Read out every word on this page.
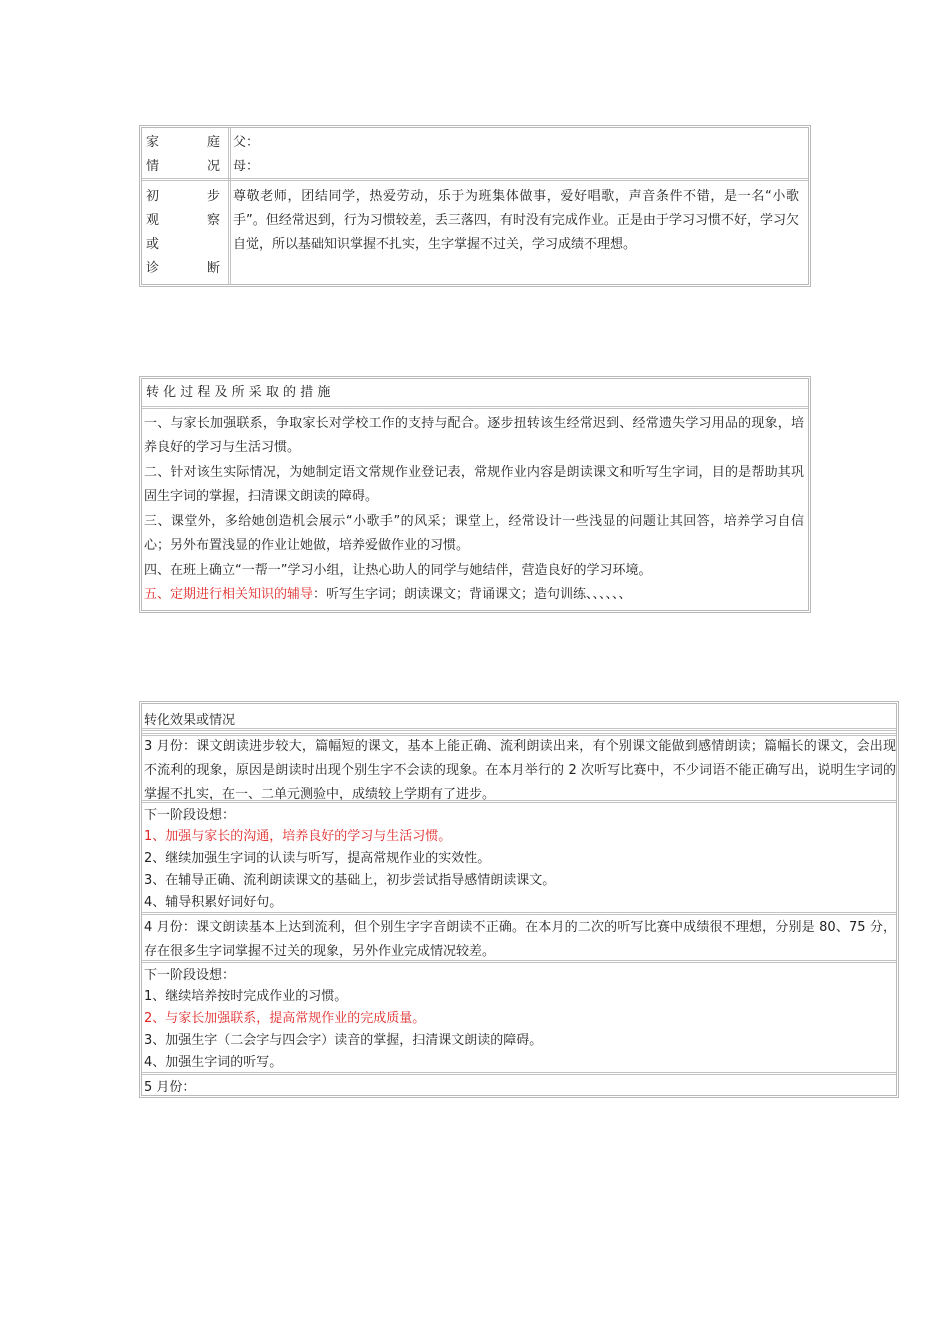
家 庭
情 况
父：
母：
初 步
观 察
或
诊 断
尊敬老师，团结同学，热爱劳动，乐于为班集体做事，爱好唱歌，声音条件不错，是一名“小歌手”。但经常迟到，行为习惯较差，丢三落四，有时没有完成作业。正是由于学习习惯不好，学习欠自觉，所以基础知识掌握不扎实，生字掌握不过关，学习成绩不理想。
转 化 过 程 及 所 采 取 的 措 施
一、与家长加强联系，争取家长对学校工作的支持与配合。逐步扭转该生经常迟到、经常遗失学习用品的现象，培养良好的学习与生活习惯。
二、针对该生实际情况，为她制定语文常规作业登记表，常规作业内容是朗读课文和听写生字词，目的是帮助其巩固生字词的掌握，扫清课文朗读的障碍。
三、课堂外，多给她创造机会展示“小歌手”的风采；课堂上，经常设计一些浅显的问题让其回答，培养学习自信心；另外布置浅显的作业让她做，培养爱做作业的习惯。
四、在班上确立“一帮一”学习小组，让热心助人的同学与她结伴，营造良好的学习环境。
五、定期进行相关知识的辅导：听写生字词；朗读课文；背诵课文；造句训练、、、、、、
转化效果或情况
3 月份：课文朗读进步较大，篇幅短的课文，基本上能正确、流利朗读出来，有个别课文能做到感情朗读；篇幅长的课文，会出现不流利的现象，原因是朗读时出现个别生字不会读的现象。在本月举行的 2 次听写比赛中，不少词语不能正确写出，说明生字词的掌握不扎实，在一、二单元测验中，成绩较上学期有了进步。
下一阶段设想：
1、加强与家长的沟通，培养良好的学习与生活习惯。
2、继续加强生字词的认读与听写，提高常规作业的实效性。
3、在辅导正确、流利朗读课文的基础上，初步尝试指导感情朗读课文。
4、辅导积累好词好句。
4 月份：课文朗读基本上达到流利，但个别生字字音朗读不正确。在本月的二次的听写比赛中成绩很不理想，分别是 80、75 分，存在很多生字词掌握不过关的现象，另外作业完成情况较差。
下一阶段设想：
1、继续培养按时完成作业的习惯。
2、与家长加强联系，提高常规作业的完成质量。
3、加强生字（二会字与四会字）读音的掌握，扫清课文朗读的障碍。
4、加强生字词的听写。
5 月份：
